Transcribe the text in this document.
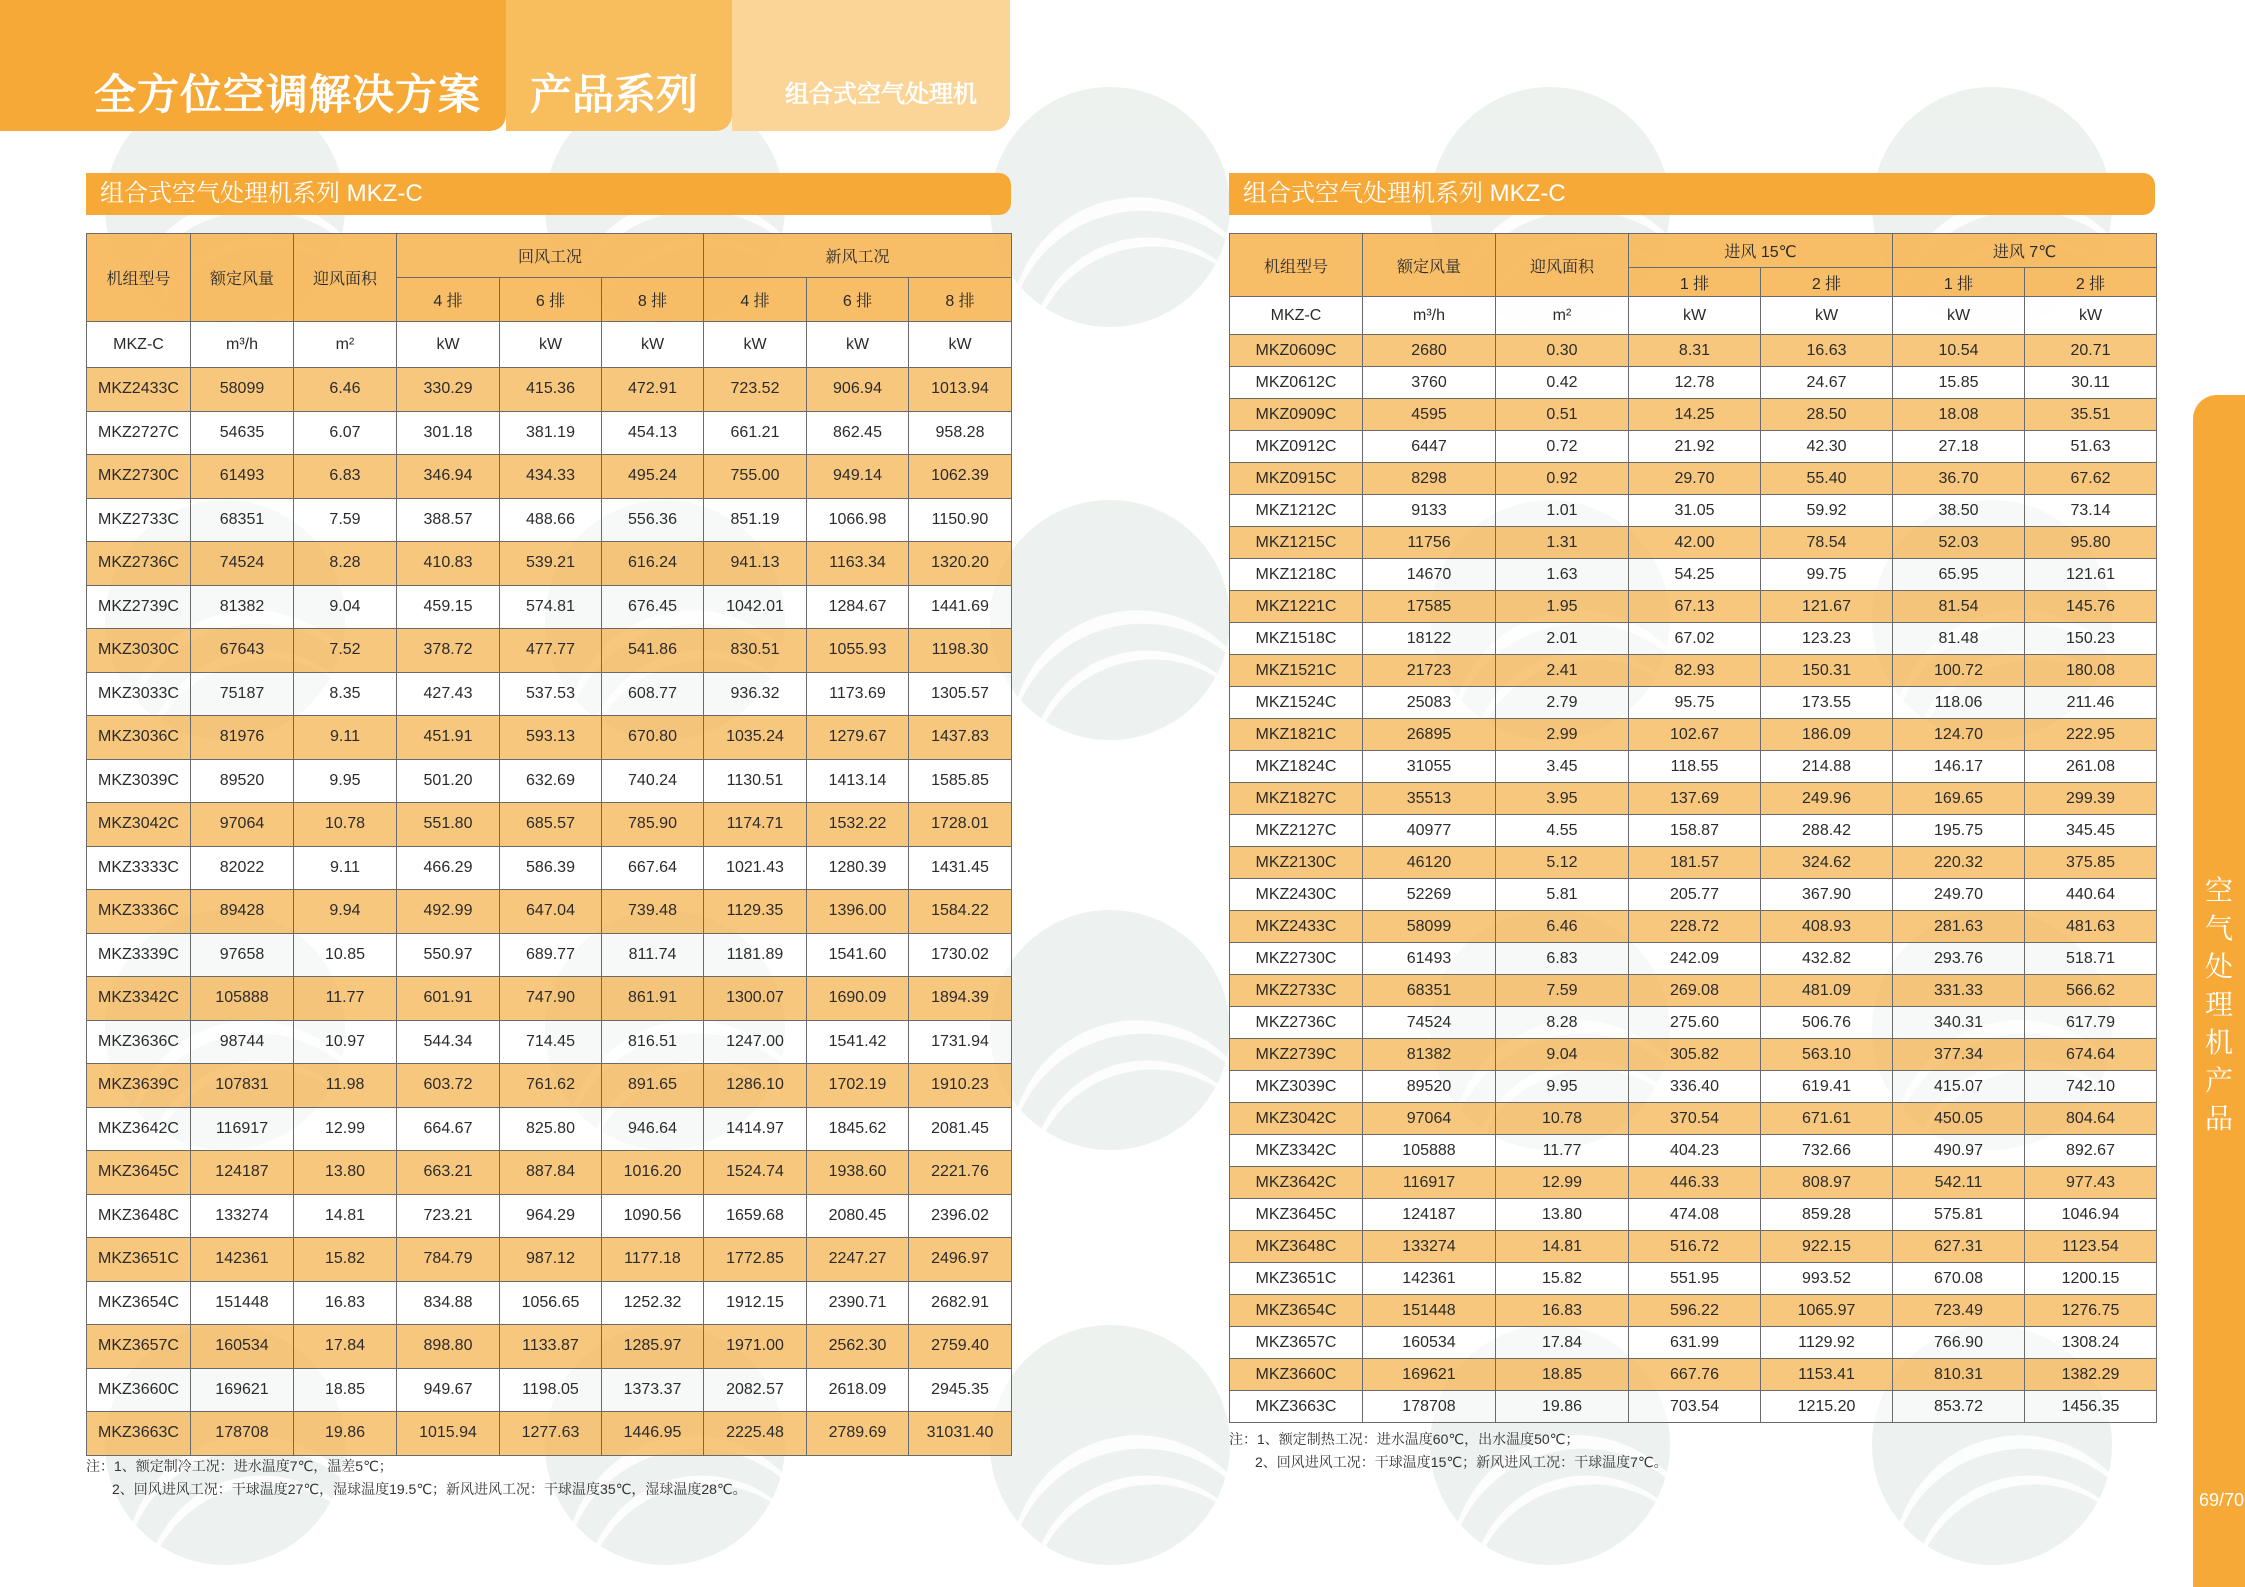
全方位空调解决方案 产品系列	组合式空气处理机
组合式空气处理机系列 MKZ-C	组合式空气处理机系列 MKZ-C
机组型号	额定风量	迎风面积	回风工况			新风工况		
			4 排	6 排	8 排	4 排	6 排	8 排
MKZ-C	m³/h	m²	kW	kW	kW	kW	kW	kW
MKZ2433C	58099	6.46	330.29	415.36	472.91	723.52	906.94	1013.94
MKZ2727C	54635	6.07	301.18	381.19	454.13	661.21	862.45	958.28
MKZ2730C	61493	6.83	346.94	434.33	495.24	755.00	949.14	1062.39
MKZ2733C	68351	7.59	388.57	488.66	556.36	851.19	1066.98	1150.90
MKZ2736C	74524	8.28	410.83	539.21	616.24	941.13	1163.34	1320.20
MKZ2739C	81382	9.04	459.15	574.81	676.45	1042.01	1284.67	1441.69
MKZ3030C	67643	7.52	378.72	477.77	541.86	830.51	1055.93	1198.30
MKZ3033C	75187	8.35	427.43	537.53	608.77	936.32	1173.69	1305.57
MKZ3036C	81976	9.11	451.91	593.13	670.80	1035.24	1279.67	1437.83
MKZ3039C	89520	9.95	501.20	632.69	740.24	1130.51	1413.14	1585.85
MKZ3042C	97064	10.78	551.80	685.57	785.90	1174.71	1532.22	1728.01
MKZ3333C	82022	9.11	466.29	586.39	667.64	1021.43	1280.39	1431.45
MKZ3336C	89428	9.94	492.99	647.04	739.48	1129.35	1396.00	1584.22
MKZ3339C	97658	10.85	550.97	689.77	811.74	1181.89	1541.60	1730.02
MKZ3342C	105888	11.77	601.91	747.90	861.91	1300.07	1690.09	1894.39
MKZ3636C	98744	10.97	544.34	714.45	816.51	1247.00	1541.42	1731.94
MKZ3639C	107831	11.98	603.72	761.62	891.65	1286.10	1702.19	1910.23
MKZ3642C	116917	12.99	664.67	825.80	946.64	1414.97	1845.62	2081.45
MKZ3645C	124187	13.80	663.21	887.84	1016.20	1524.74	1938.60	2221.76
MKZ3648C	133274	14.81	723.21	964.29	1090.56	1659.68	2080.45	2396.02
MKZ3651C	142361	15.82	784.79	987.12	1177.18	1772.85	2247.27	2496.97
MKZ3654C	151448	16.83	834.88	1056.65	1252.32	1912.15	2390.71	2682.91
MKZ3657C	160534	17.84	898.80	1133.87	1285.97	1971.00	2562.30	2759.40
MKZ3660C	169621	18.85	949.67	1198.05	1373.37	2082.57	2618.09	2945.35
MKZ3663C	178708	19.86	1015.94	1277.63	1446.95	2225.48	2789.69	31031.40
注：1、额定制冷工况：进水温度7℃，温差5℃；
2、回风进风工况：干球温度27℃，湿球温度19.5℃；新风进风工况：干球温度35℃，湿球温度28℃。
机组型号	额定风量	迎风面积	进风 15℃		进风 7℃	
			1 排	2 排	1 排	2 排
MKZ-C	m³/h	m²	kW	kW	kW	kW
MKZ0609C	2680	0.30	8.31	16.63	10.54	20.71
MKZ0612C	3760	0.42	12.78	24.67	15.85	30.11
MKZ0909C	4595	0.51	14.25	28.50	18.08	35.51
MKZ0912C	6447	0.72	21.92	42.30	27.18	51.63
MKZ0915C	8298	0.92	29.70	55.40	36.70	67.62
MKZ1212C	9133	1.01	31.05	59.92	38.50	73.14
MKZ1215C	11756	1.31	42.00	78.54	52.03	95.80
MKZ1218C	14670	1.63	54.25	99.75	65.95	121.61
MKZ1221C	17585	1.95	67.13	121.67	81.54	145.76
MKZ1518C	18122	2.01	67.02	123.23	81.48	150.23
MKZ1521C	21723	2.41	82.93	150.31	100.72	180.08
MKZ1524C	25083	2.79	95.75	173.55	118.06	211.46
MKZ1821C	26895	2.99	102.67	186.09	124.70	222.95
MKZ1824C	31055	3.45	118.55	214.88	146.17	261.08
MKZ1827C	35513	3.95	137.69	249.96	169.65	299.39
MKZ2127C	40977	4.55	158.87	288.42	195.75	345.45
MKZ2130C	46120	5.12	181.57	324.62	220.32	375.85
MKZ2430C	52269	5.81	205.77	367.90	249.70	440.64
MKZ2433C	58099	6.46	228.72	408.93	281.63	481.63
MKZ2730C	61493	6.83	242.09	432.82	293.76	518.71
MKZ2733C	68351	7.59	269.08	481.09	331.33	566.62
MKZ2736C	74524	8.28	275.60	506.76	340.31	617.79
MKZ2739C	81382	9.04	305.82	563.10	377.34	674.64
MKZ3039C	89520	9.95	336.40	619.41	415.07	742.10
MKZ3042C	97064	10.78	370.54	671.61	450.05	804.64
MKZ3342C	105888	11.77	404.23	732.66	490.97	892.67
MKZ3642C	116917	12.99	446.33	808.97	542.11	977.43
MKZ3645C	124187	13.80	474.08	859.28	575.81	1046.94
MKZ3648C	133274	14.81	516.72	922.15	627.31	1123.54
MKZ3651C	142361	15.82	551.95	993.52	670.08	1200.15
MKZ3654C	151448	16.83	596.22	1065.97	723.49	1276.75
MKZ3657C	160534	17.84	631.99	1129.92	766.90	1308.24
MKZ3660C	169621	18.85	667.76	1153.41	810.31	1382.29
MKZ3663C	178708	19.86	703.54	1215.20	853.72	1456.35
注：1、额定制热工况：进水温度60℃，出水温度50℃；
2、回风进风工况：干球温度15℃；新风进风工况：干球温度7℃。
空
气
处
理
机
产
品
69/70
